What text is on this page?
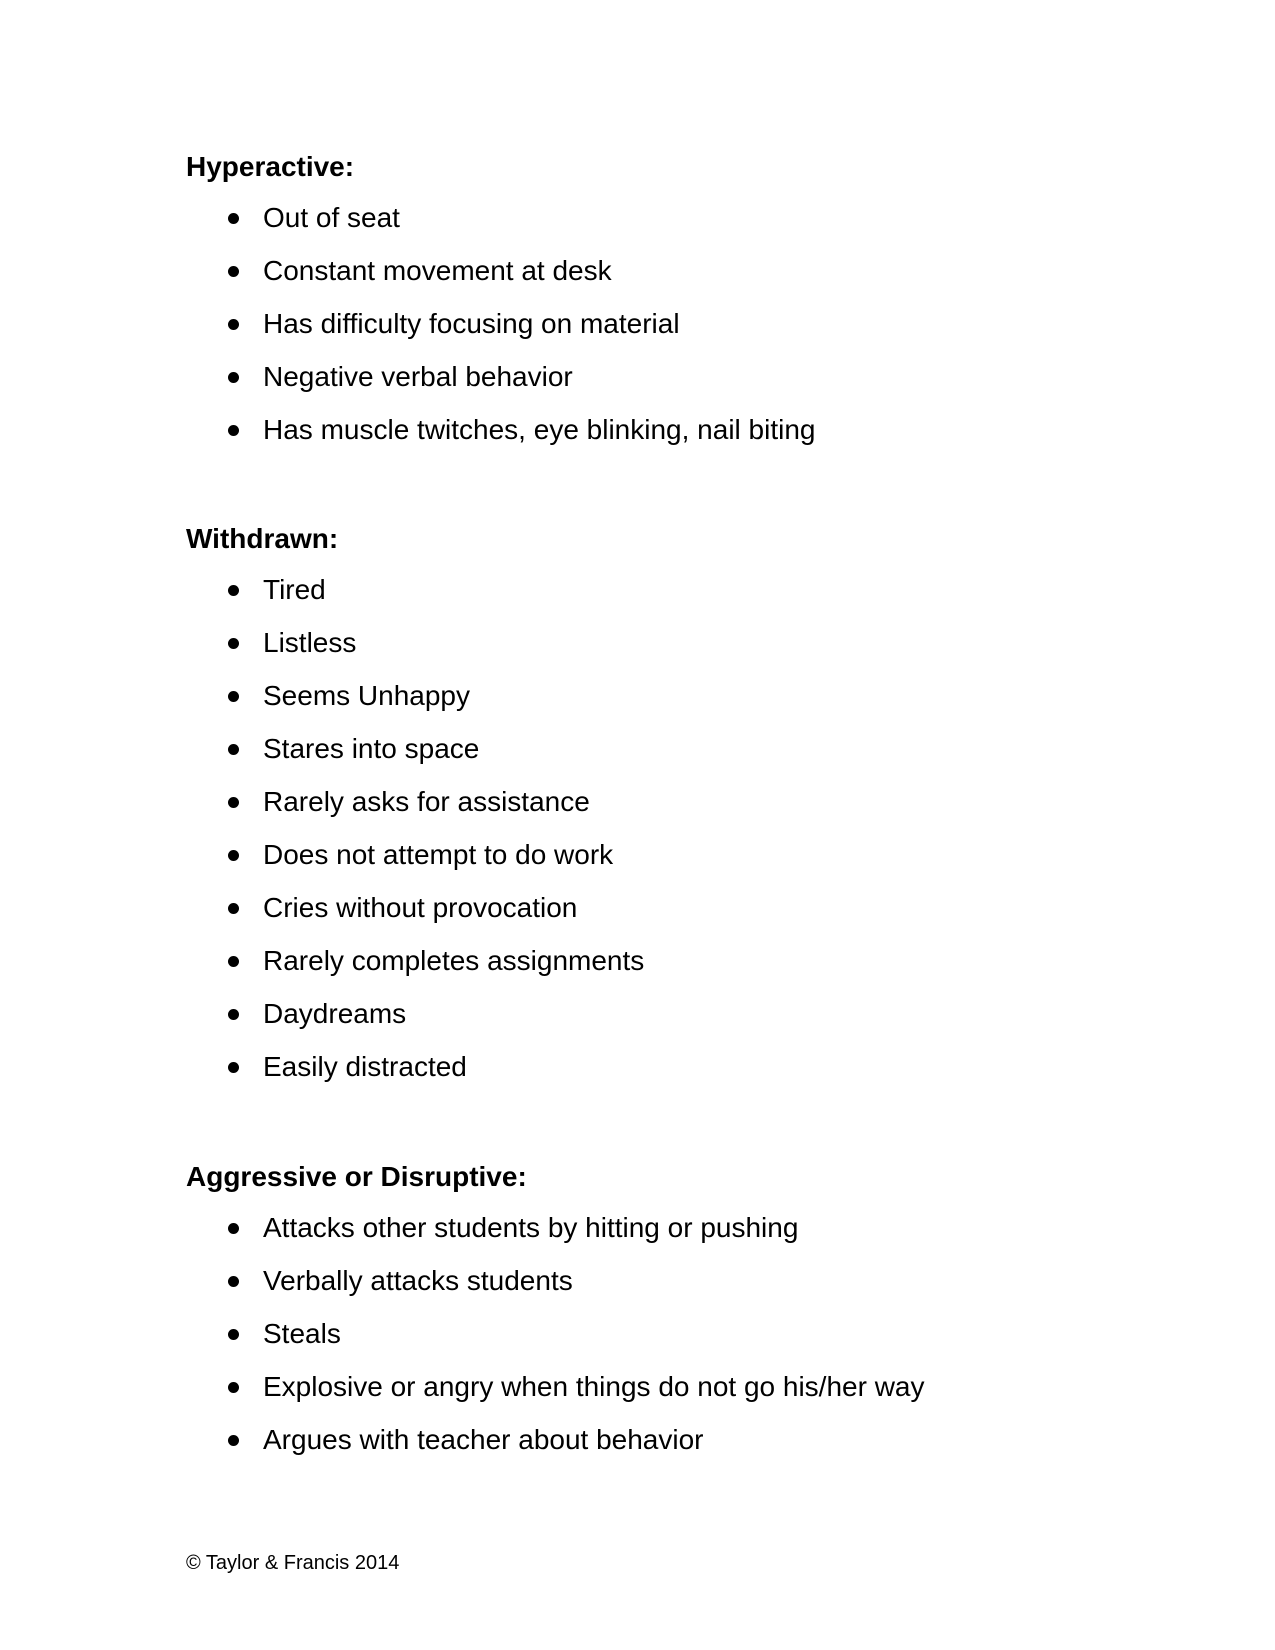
Hyperactive:
Out of seat
Constant movement at desk
Has difficulty focusing on material
Negative verbal behavior
Has muscle twitches, eye blinking, nail biting
Withdrawn:
Tired
Listless
Seems Unhappy
Stares into space
Rarely asks for assistance
Does not attempt to do work
Cries without provocation
Rarely completes assignments
Daydreams
Easily distracted
Aggressive or Disruptive:
Attacks other students by hitting or pushing
Verbally attacks students
Steals
Explosive or angry when things do not go his/her way
Argues with teacher about behavior
© Taylor & Francis 2014
